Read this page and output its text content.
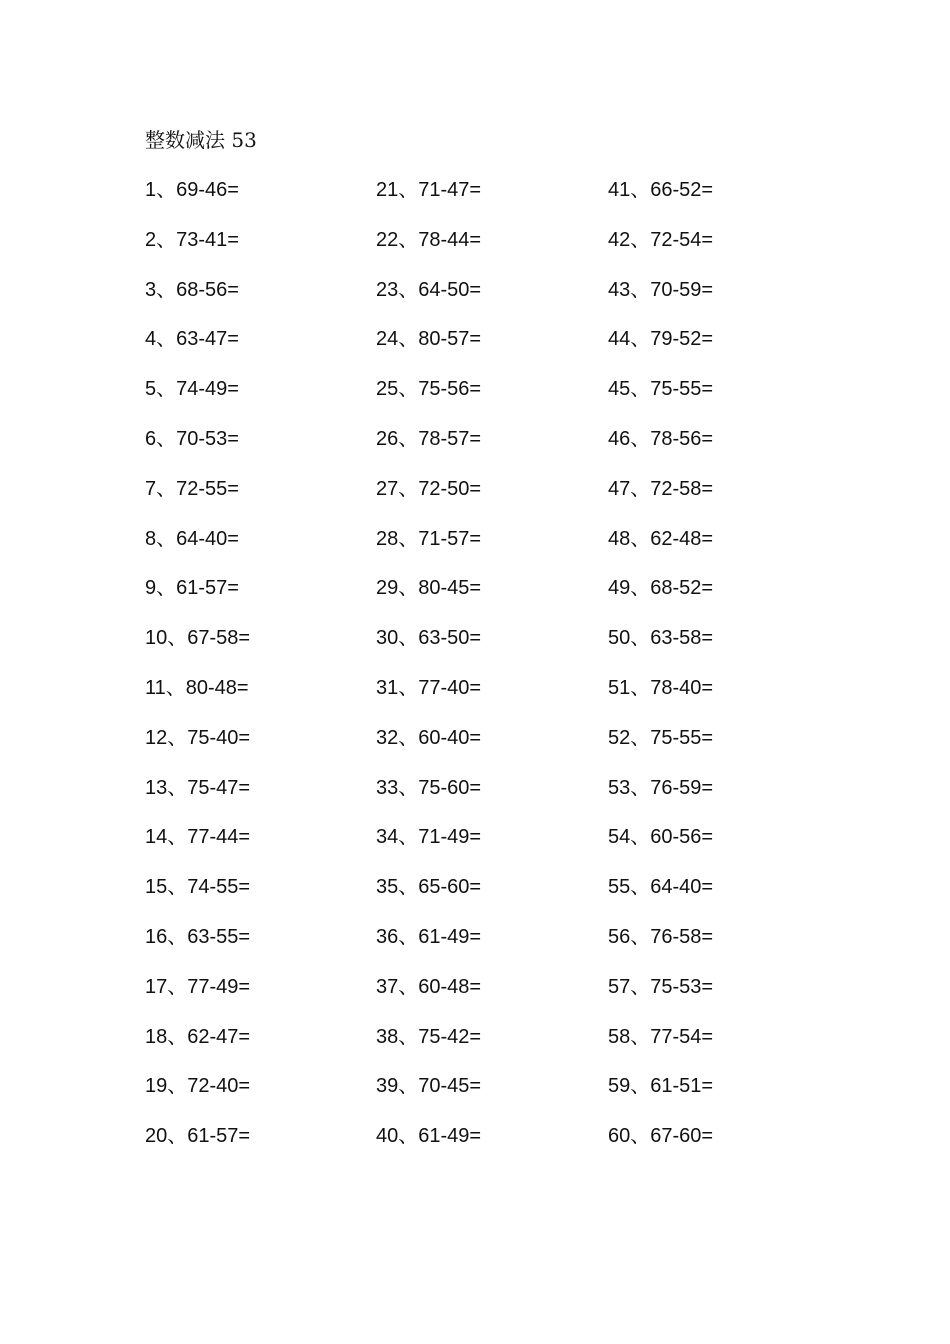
整数减法 53
1、69-46=
2、73-41=
3、68-56=
4、63-47=
5、74-49=
6、70-53=
7、72-55=
8、64-40=
9、61-57=
10、67-58=
11、80-48=
12、75-40=
13、75-47=
14、77-44=
15、74-55=
16、63-55=
17、77-49=
18、62-47=
19、72-40=
20、61-57=
21、71-47=
22、78-44=
23、64-50=
24、80-57=
25、75-56=
26、78-57=
27、72-50=
28、71-57=
29、80-45=
30、63-50=
31、77-40=
32、60-40=
33、75-60=
34、71-49=
35、65-60=
36、61-49=
37、60-48=
38、75-42=
39、70-45=
40、61-49=
41、66-52=
42、72-54=
43、70-59=
44、79-52=
45、75-55=
46、78-56=
47、72-58=
48、62-48=
49、68-52=
50、63-58=
51、78-40=
52、75-55=
53、76-59=
54、60-56=
55、64-40=
56、76-58=
57、75-53=
58、77-54=
59、61-51=
60、67-60=
